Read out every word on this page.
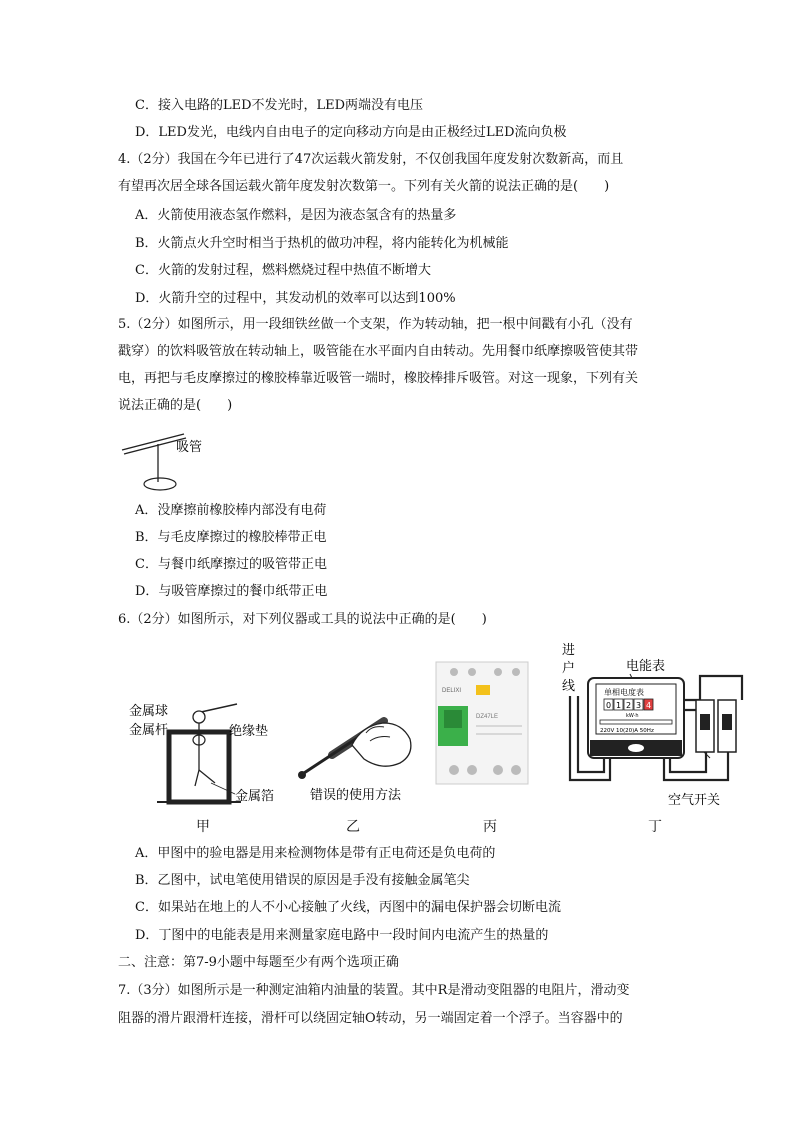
C．接入电路的LED不发光时，LED两端没有电压
D．LED发光，电线内自由电子的定向移动方向是由正极经过LED流向负极
4.（2分）我国在今年已进行了47次运载火箭发射，不仅创我国年度发射次数新高，而且
有望再次居全球各国运载火箭年度发射次数第一。下列有关火箭的说法正确的是(　　)
A．火箭使用液态氢作燃料，是因为液态氢含有的热量多
B．火箭点火升空时相当于热机的做功冲程，将内能转化为机械能
C．火箭的发射过程，燃料燃烧过程中热值不断增大
D．火箭升空的过程中，其发动机的效率可以达到100%
5.（2分）如图所示，用一段细铁丝做一个支架，作为转动轴，把一根中间戳有小孔（没有
戳穿）的饮料吸管放在转动轴上，吸管能在水平面内自由转动。先用餐巾纸摩擦吸管使其带
电，再把与毛皮摩擦过的橡胶棒靠近吸管一端时，橡胶棒排斥吸管。对这一现象，下列有关
说法正确的是(　　)
吸管
A．没摩擦前橡胶棒内部没有电荷
B．与毛皮摩擦过的橡胶棒带正电
C．与餐巾纸摩擦过的吸管带正电
D．与吸管摩擦过的餐巾纸带正电
6.（2分）如图所示，对下列仪器或工具的说法中正确的是(　　)
金属球
金属杆	绝缘垫
金属箔
甲
错误的使用方法
乙
DELIXI
DZ47LE
丙
进
户
线
电能表
单相电度表
0 1 2 3 4
kW·h
220V 10(20)A 50Hz
空气开关
丁
A．甲图中的验电器是用来检测物体是带有正电荷还是负电荷的
B．乙图中，试电笔使用错误的原因是手没有接触金属笔尖
C．如果站在地上的人不小心接触了火线，丙图中的漏电保护器会切断电流
D．丁图中的电能表是用来测量家庭电路中一段时间内电流产生的热量的
二、注意：第7-9小题中每题至少有两个选项正确
7.（3分）如图所示是一种测定油箱内油量的装置。其中R是滑动变阻器的电阻片，滑动变
阻器的滑片跟滑杆连接，滑杆可以绕固定轴O转动，另一端固定着一个浮子。当容器中的
